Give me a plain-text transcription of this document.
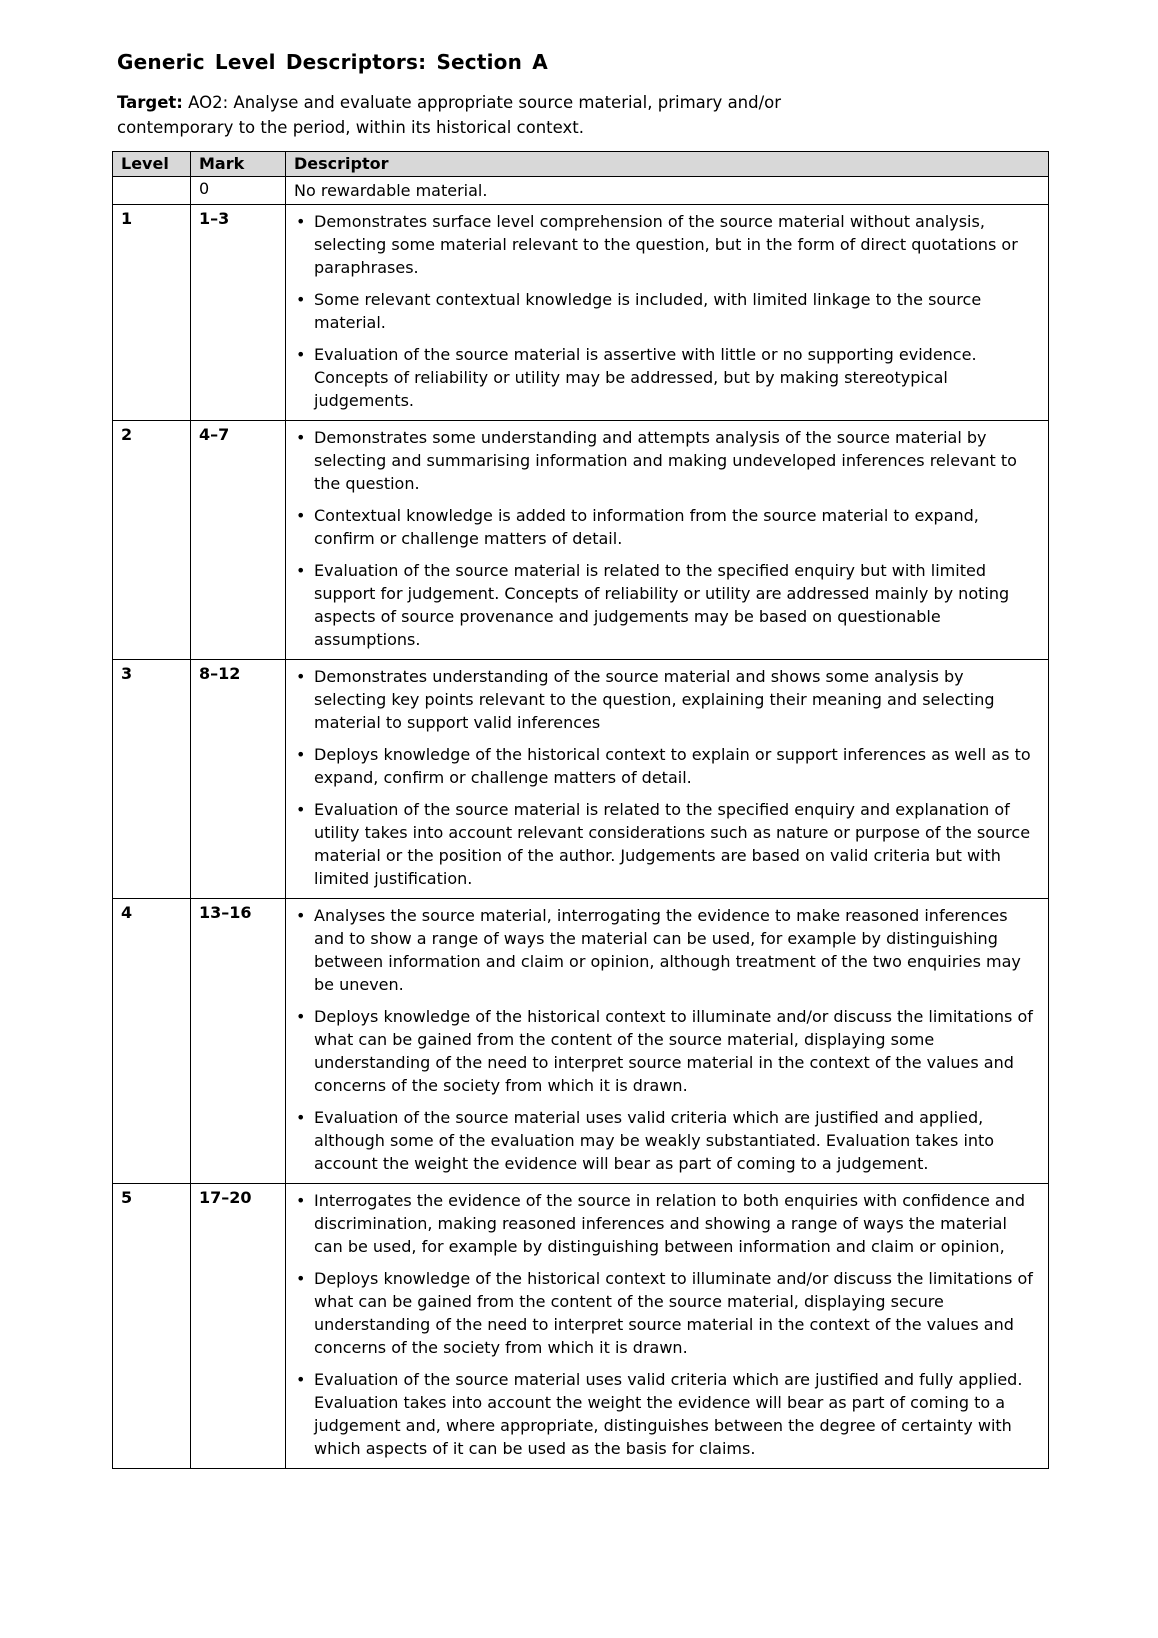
Generic Level Descriptors: Section A

Target: AO2: Analyse and evaluate appropriate source material, primary and/or contemporary to the period, within its historical context.

Level	Mark	Descriptor
	0	No rewardable material.
1	1–3	
•Demonstrates surface level comprehension of the source material without analysis, selecting some material relevant to the question, but in the form of direct quotations or paraphrases.
• Some relevant contextual knowledge is included, with limited linkage to the source material.
• Evaluation of the source material is assertive with little or no supporting evidence. Concepts of reliability or utility may be addressed, but by making stereotypical judgements.

2	4–7	
•Demonstrates some understanding and attempts analysis of the source material by selecting and summarising information and making undeveloped inferences relevant to the question.
• Contextual knowledge is added to information from the source material to expand, confirm or challenge matters of detail.
• Evaluation of the source material is related to the specified enquiry but with limited support for judgement. Concepts of reliability or utility are addressed mainly by noting aspects of source provenance and judgements may be based on questionable assumptions.

3	8–12	
•Demonstrates understanding of the source material and shows some analysis by selecting key points relevant to the question, explaining their meaning and selecting material to support valid inferences
• Deploys knowledge of the historical context to explain or support inferences as well as to expand, confirm or challenge matters of detail.
• Evaluation of the source material is related to the specified enquiry and explanation of utility takes into account relevant considerations such as nature or purpose of the source material or the position of the author. Judgements are based on valid criteria but with limited justification.

4	13–16	
•Analyses the source material, interrogating the evidence to make reasoned inferences and to show a range of ways the material can be used, for example by distinguishing between information and claim or opinion, although treatment of the two enquiries may be uneven.
• Deploys knowledge of the historical context to illuminate and/or discuss the limitations of what can be gained from the content of the source material, displaying some understanding of the need to interpret source material in the context of the values and concerns of the society from which it is drawn.
• Evaluation of the source material uses valid criteria which are justified and applied, although some of the evaluation may be weakly substantiated. Evaluation takes into account the weight the evidence will bear as part of coming to a judgement.

5	17–20	
•Interrogates the evidence of the source in relation to both enquiries with confidence and discrimination, making reasoned inferences and showing a range of ways the material can be used, for example by distinguishing between information and claim or opinion,
• Deploys knowledge of the historical context to illuminate and/or discuss the limitations of what can be gained from the content of the source material, displaying secure understanding of the need to interpret source material in the context of the values and concerns of the society from which it is drawn.
• Evaluation of the source material uses valid criteria which are justified and fully applied. Evaluation takes into account the weight the evidence will bear as part of coming to a judgement and, where appropriate, distinguishes between the degree of certainty with which aspects of it can be used as the basis for claims.
